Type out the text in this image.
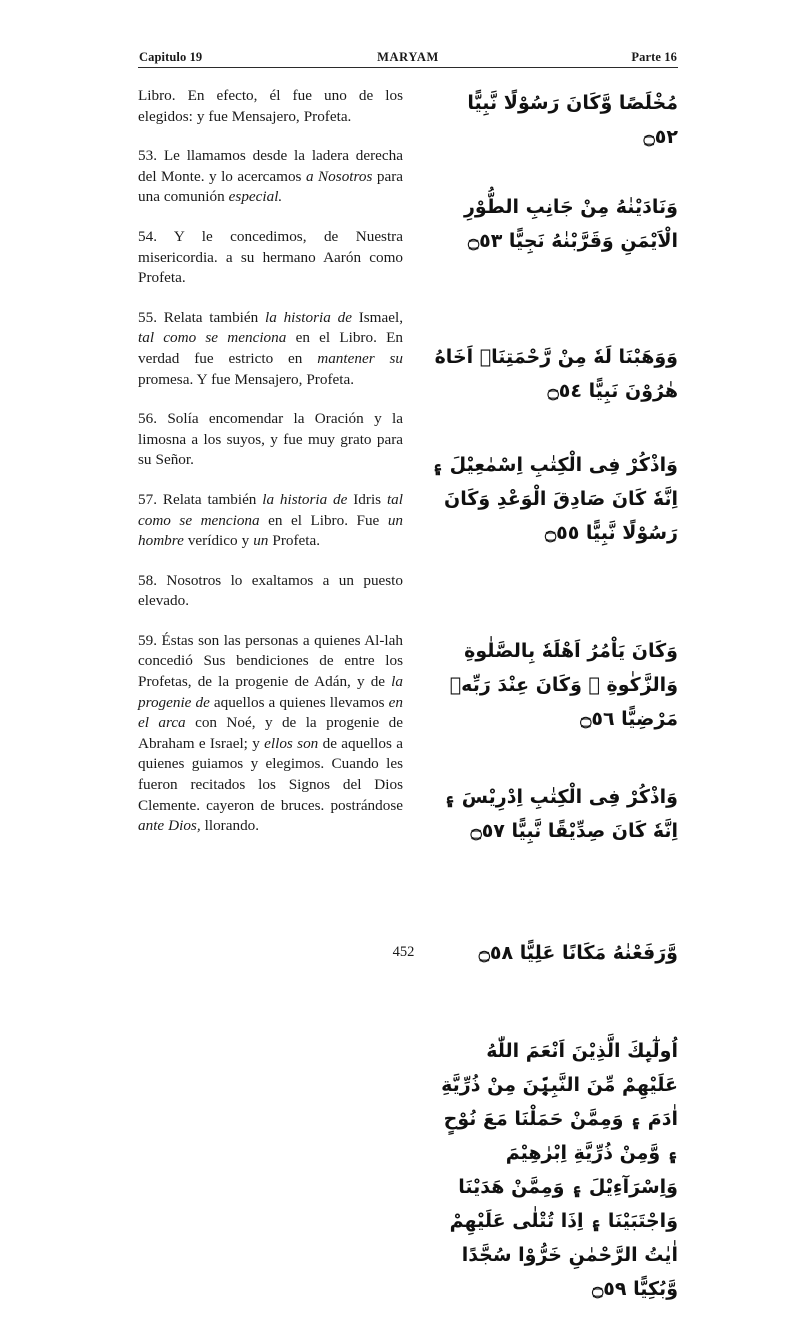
Capitulo 19	MARYAM	Parte 16

Libro. En efecto, él fue uno de los elegidos: y fue Mensajero, Profeta.

53. Le llamamos desde la ladera derecha del Monte. y lo acercamos a Nosotros para una comunión especial.

54. Y le concedimos, de Nuestra misericordia. a su hermano Aarón como Profeta.

55. Relata también la historia de Ismael, tal como se menciona en el Libro. En verdad fue estricto en mantener su promesa. Y fue Mensajero, Profeta.

56. Solía encomendar la Oración y la limosna a los suyos, y fue muy grato para su Señor.

57. Relata también la historia de Idris tal como se menciona en el Libro. Fue un hombre verídico y un Profeta.

58. Nosotros lo exaltamos a un puesto elevado.

59. Éstas son las personas a quienes Al-lah concedió Sus bendiciones de entre los Profetas, de la progenie de Adán, y de la progenie de aquellos a quienes llevamos en el arca con Noé, y de la progenie de Abraham e Israel; y ellos son de aquellos a quienes guiamos y elegimos. Cuando les fueron recitados los Signos del Dios Clemente. cayeron de bruces. postrándose ante Dios, llorando.

مُخْلَصًا وَّكَانَ رَسُوْلًا نَّبِيًّا ۝٥٢
وَنَادَيْنٰهُ مِنْ جَانِبِ الطُّوْرِ الْاَيْمَنِ وَقَرَّبْنٰهُ نَجِيًّا ۝٥٣
وَوَهَبْنَا لَهٗ مِنْ رَّحْمَتِنَاۤ اَخَاهُ هٰرُوْنَ نَبِيًّا ۝٥٤
وَاذْكُرْ فِى الْكِتٰبِ اِسْمٰعِيْلَ ۽ اِنَّهٗ كَانَ صَادِقَ الْوَعْدِ وَكَانَ رَسُوْلًا نَّبِيًّا ۝٥٥
وَكَانَ يَاْمُرُ اَهْلَهٗ بِالصَّلٰوةِ وَالزَّكٰوةِ ۽ وَكَانَ عِنْدَ رَبِّهٖ مَرْضِيًّا ۝٥٦
وَاذْكُرْ فِى الْكِتٰبِ اِدْرِيْسَ ۽ اِنَّهٗ كَانَ صِدِّيْقًا نَّبِيًّا ۝٥٧
وَّرَفَعْنٰهُ مَكَانًا عَلِيًّا ۝٥٨
اُولٰٓىِٕكَ الَّذِيْنَ اَنْعَمَ اللّٰهُ عَلَيْهِمْ مِّنَ النَّبِيّٖنَ مِنْ ذُرِّيَّةِ اٰدَمَ ۽ وَمِمَّنْ حَمَلْنَا مَعَ نُوْحٍ ۽ وَّمِنْ ذُرِّيَّةِ اِبْرٰهِيْمَ وَاِسْرَآءِيْلَ ۽ وَمِمَّنْ هَدَيْنَا وَاجْتَبَيْنَا ۽ اِذَا تُتْلٰى عَلَيْهِمْ اٰيٰتُ الرَّحْمٰنِ خَرُّوْا سُجَّدًا وَّبُكِيًّا ۝٥٩
452
